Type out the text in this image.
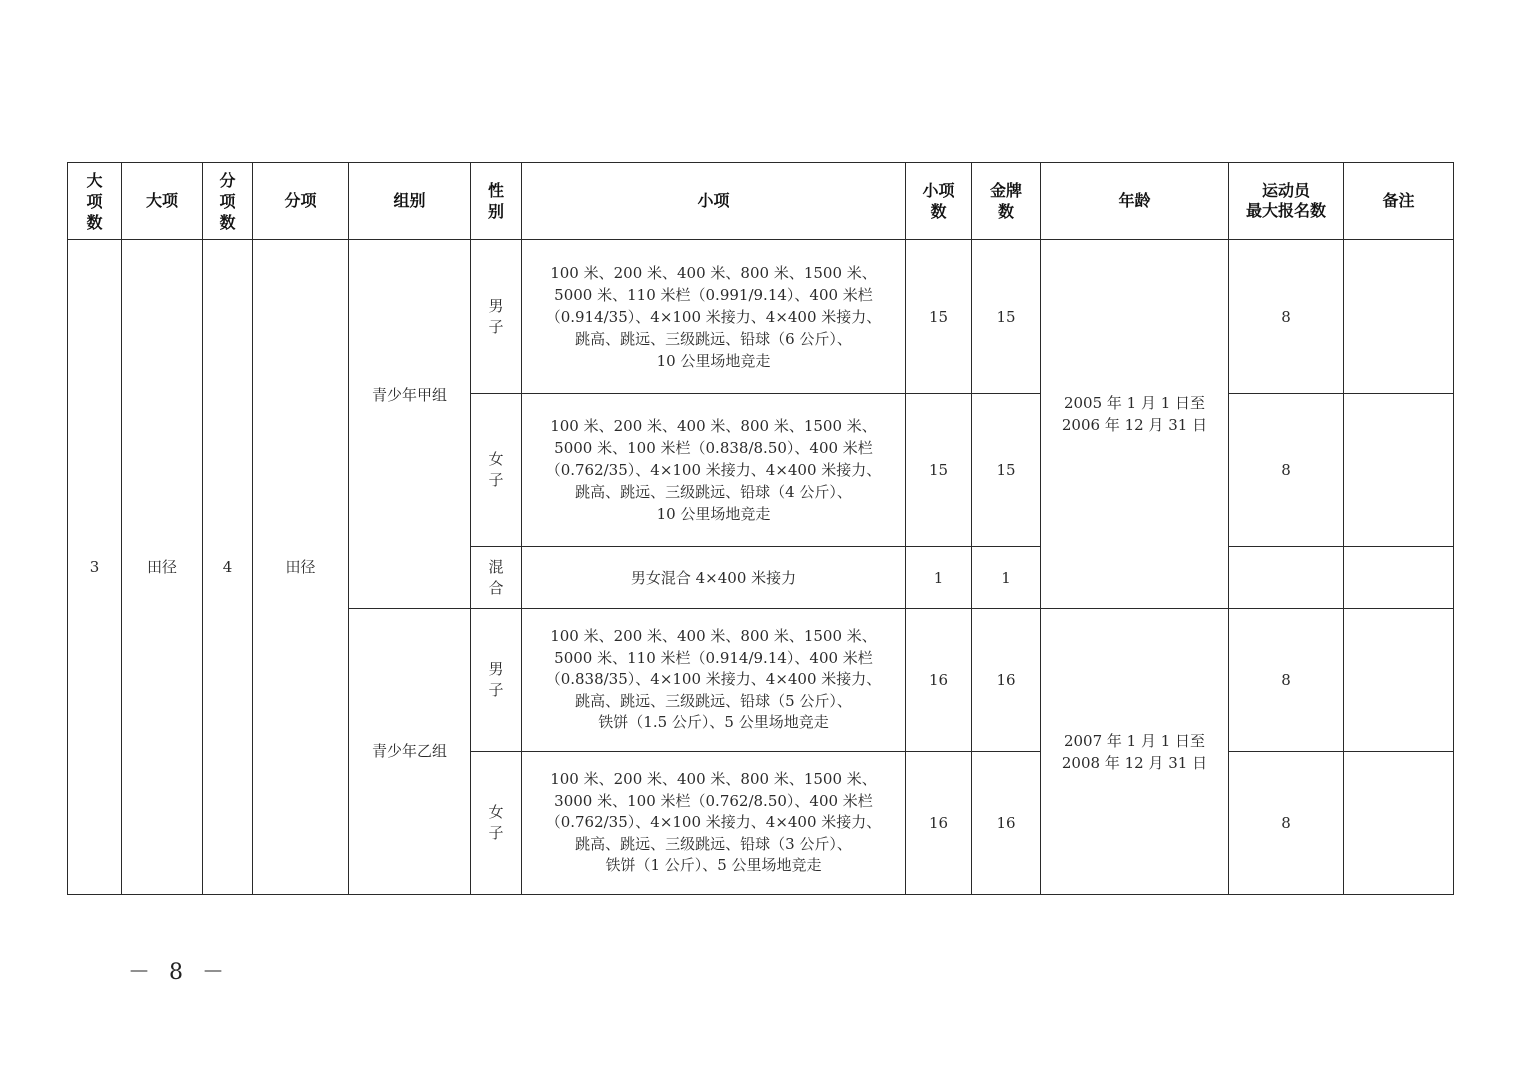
大项数	大项	分项数	分项	组别	性别	小项	小项数	金牌数	年龄	运动员
最大报名数	备注
3	田径	4	田径	青少年甲组	男子	100 米、200 米、400 米、800 米、1500 米、
5000 米、110 米栏（0.991/9.14）、400 米栏
（0.914/35）、4×100 米接力、4×400 米接力、
跳高、跳远、三级跳远、铅球（6 公斤）、
10 公里场地竞走	15	15	2005 年 1 月 1 日至
2006 年 12 月 31 日	8	
					女子	100 米、200 米、400 米、800 米、1500 米、
5000 米、100 米栏（0.838/8.50）、400 米栏
（0.762/35）、4×100 米接力、4×400 米接力、
跳高、跳远、三级跳远、铅球（4 公斤）、
10 公里场地竞走	15	15		8	
					混合	男女混合 4×400 米接力	1	1			
				青少年乙组	男子	100 米、200 米、400 米、800 米、1500 米、
5000 米、110 米栏（0.914/9.14）、400 米栏
（0.838/35）、4×100 米接力、4×400 米接力、
跳高、跳远、三级跳远、铅球（5 公斤）、
铁饼（1.5 公斤）、5 公里场地竞走	16	16	2007 年 1 月 1 日至
2008 年 12 月 31 日	8	
					女子	100 米、200 米、400 米、800 米、1500 米、
3000 米、100 米栏（0.762/8.50）、400 米栏
（0.762/35）、4×100 米接力、4×400 米接力、
跳高、跳远、三级跳远、铅球（3 公斤）、
铁饼（1 公斤）、5 公里场地竞走	16	16		8	
－ 8 －
